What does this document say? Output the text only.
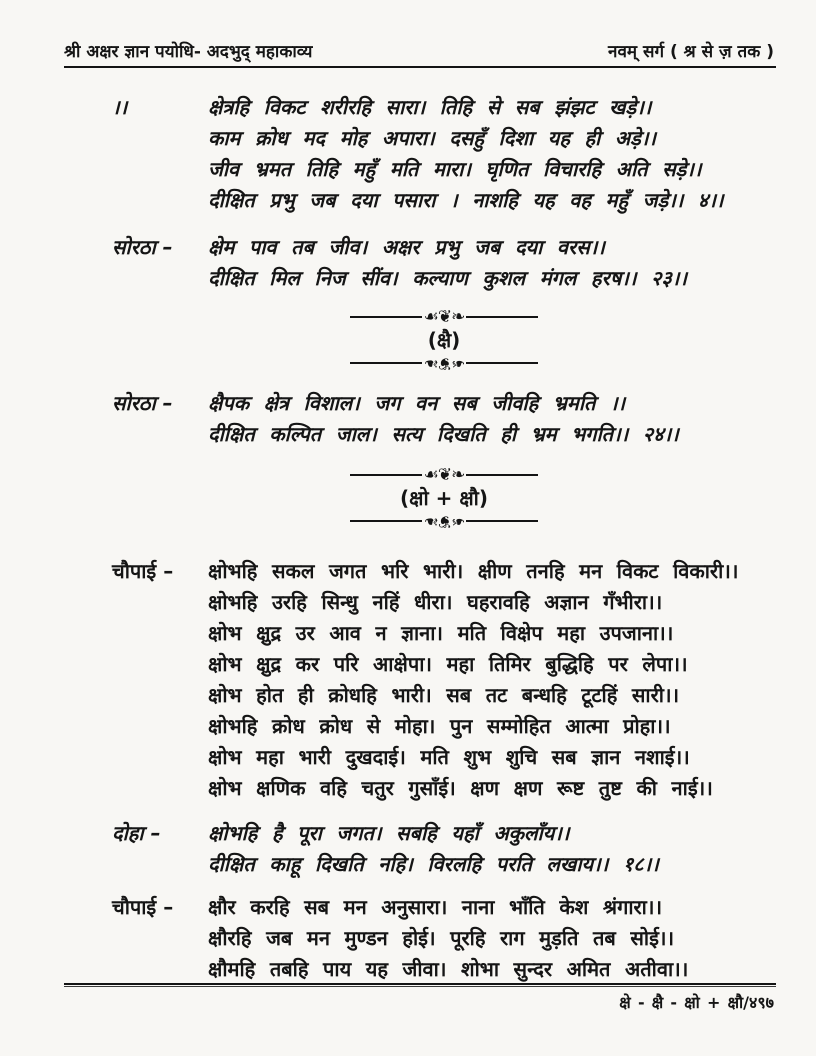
श्री अक्षर ज्ञान पयोधि- अदभुद् महाकाव्य	नवम् सर्ग ( श्र से ज़ तक )
।।	क्षेत्रहि विकट शरीरहि सारा। तिहि से सब झंझट खड़े।।
काम क्रोध मद मोह अपारा। दसहुँ दिशा यह ही अड़े।।
जीव भ्रमत तिहि महुँ मति मारा। घृणित विचारहि अति सड़े।।
दीक्षित प्रभु जब दया पसारा । नाशहि यह वह महुँ जड़े।। ४।।
सोरठा –	क्षेम पाव तब जीव। अक्षर प्रभु जब दया वरस।।
दीक्षित मिल निज सींव। कल्याण कुशल मंगल हरष।। २३।।
☙❦❧
(क्षै)
☙❦❧
सोरठा –	क्षैपक क्षेत्र विशाल। जग वन सब जीवहि भ्रमति ।।
दीक्षित कल्पित जाल। सत्य दिखति ही भ्रम भगति।। २४।।
☙❦❧
(क्षो + क्षौ)
☙❦❧
चौपाई –	क्षोभहि सकल जगत भरि भारी। क्षीण तनहि मन विकट विकारी।।
क्षोभहि उरहि सिन्धु नहिं धीरा। घहरावहि अज्ञान गँभीरा।।
क्षोभ क्षुद्र उर आव न ज्ञाना। मति विक्षेप महा उपजाना।।
क्षोभ क्षुद्र कर परि आक्षेपा। महा तिमिर बुद्धिहि पर लेपा।।
क्षोभ होत ही क्रोधहि भारी। सब तट बन्धहि टूटहिं सारी।।
क्षोभहि क्रोध क्रोध से मोहा। पुन सम्मोहित आत्मा प्रोहा।।
क्षोभ महा भारी दुखदाई। मति शुभ शुचि सब ज्ञान नशाई।।
क्षोभ क्षणिक वहि चतुर गुसाँई। क्षण क्षण रूष्ट तुष्ट की नाई।।
दोहा –	क्षोभहि है पूरा जगत। सबहि यहाँ अकुलाँय।।
दीक्षित काहू दिखति नहि। विरलहि परति लखाय।। १८।।
चौपाई –	क्षौर करहि सब मन अनुसारा। नाना भाँति केश श्रंगारा।।
क्षौरहि जब मन मुण्डन होई। पूरहि राग मुड़ति तब सोई।।
क्षौमहि तबहि पाय यह जीवा। शोभा सुन्दर अमित अतीवा।।
क्षे - क्षै - क्षो + क्षौ/४९७
